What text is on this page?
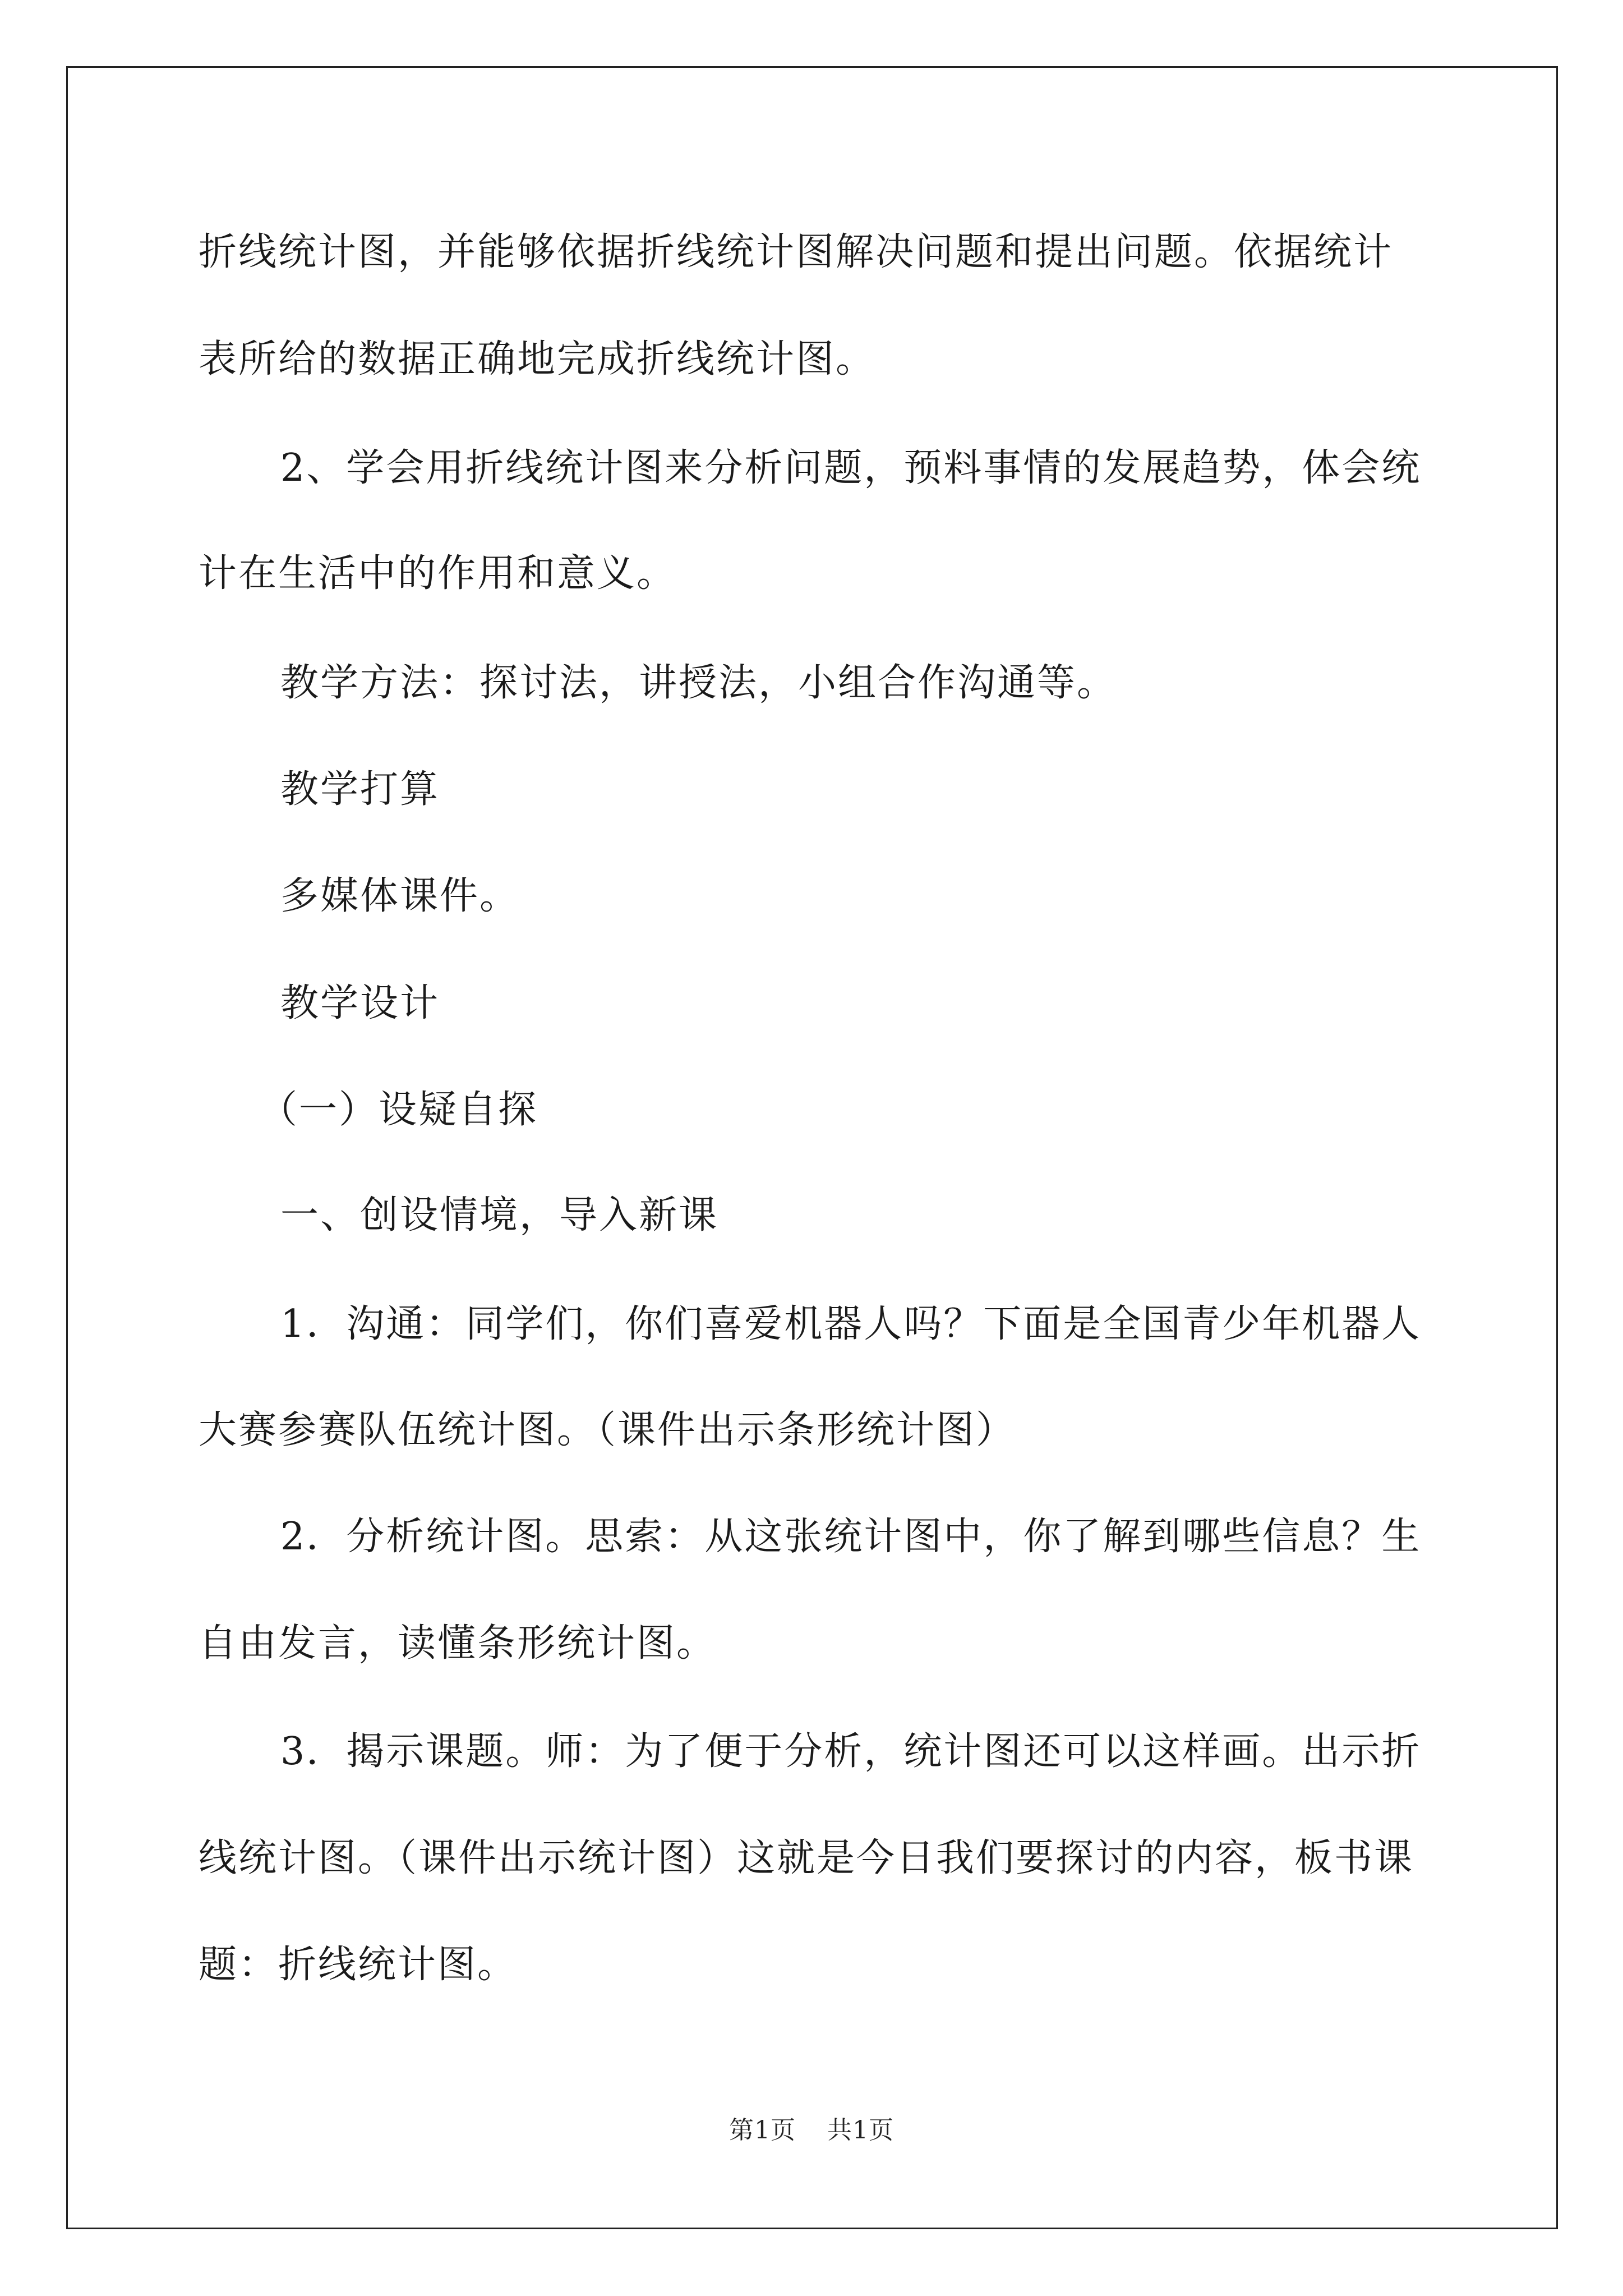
折线统计图，并能够依据折线统计图解决问题和提出问题。依据统计
表所给的数据正确地完成折线统计图。
2、学会用折线统计图来分析问题，预料事情的发展趋势，体会统
计在生活中的作用和意义。
教学方法：探讨法，讲授法，小组合作沟通等。
教学打算
多媒体课件。
教学设计
（一）设疑自探
一、创设情境，导入新课
1．沟通：同学们，你们喜爱机器人吗？下面是全国青少年机器人
大赛参赛队伍统计图。（课件出示条形统计图）
2．分析统计图。思索：从这张统计图中，你了解到哪些信息？生
自由发言，读懂条形统计图。
3．揭示课题。师：为了便于分析，统计图还可以这样画。出示折
线统计图。（课件出示统计图）这就是今日我们要探讨的内容，板书课
题：折线统计图。
第1页 共1页
